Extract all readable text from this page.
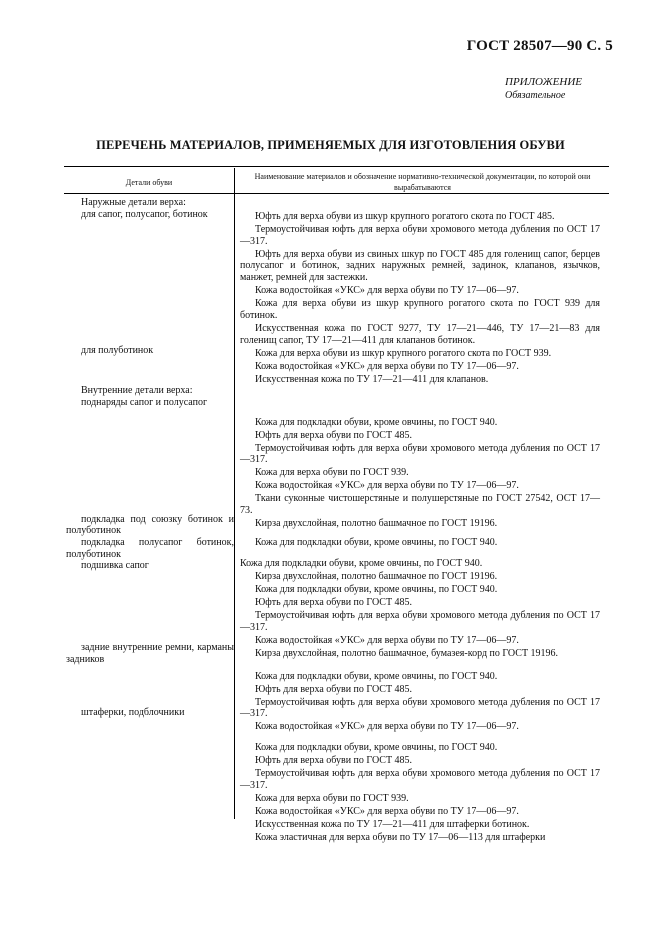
ГОСТ 28507—90 С. 5
ПРИЛОЖЕНИЕ
Обязательное
ПЕРЕЧЕНЬ МАТЕРИАЛОВ, ПРИМЕНЯЕМЫХ ДЛЯ ИЗГОТОВЛЕНИЯ ОБУВИ
Детали обуви
Наименование материалов и обозначение нормативно-технической документации, по которой они вырабатываются
Наружные детали верха:
для сапог, полусапог, ботинок
для полуботинок
Внутренние детали верха:
поднаряды сапог и полусапог
подкладка под союзку ботинок и полуботинок
подкладка полусапог ботинок, полуботинок
подшивка сапог
задние внутренние ремни, карманы задников
штаферки, подблочники

Юфть для верха обуви из шкур крупного рогатого скота по ГОСТ 485.

Термоустойчивая юфть для верха обуви хромового метода дубления по ОСТ 17—317.

Юфть для верха обуви из свиных шкур по ГОСТ 485 для голенищ сапог, берцев полусапог и ботинок, задних наружных ремней, задинок, клапанов, язычков, манжет, ремней для застежки.

Кожа водостойкая «УКС» для верха обуви по ТУ 17—06—97.

Кожа для верха обуви из шкур крупного рогатого скота по ГОСТ 939 для ботинок.

Искусственная кожа по ГОСТ 9277, ТУ 17—21—446, ТУ 17—21—83 для голенищ сапог, ТУ 17—21—411 для клапанов ботинок.

Кожа для верха обуви из шкур крупного рогатого скота по ГОСТ 939.

Кожа водостойкая «УКС» для верха обуви по ТУ 17—06—97.

Искусственная кожа по ТУ 17—21—411 для клапанов.

Кожа для подкладки обуви, кроме овчины, по ГОСТ 940.

Юфть для верха обуви по ГОСТ 485.

Термоустойчивая юфть для верха обуви хромового метода дубления по ОСТ 17—317.

Кожа для верха обуви по ГОСТ 939.

Кожа водостойкая «УКС» для верха обуви по ТУ 17—06—97.

Ткани суконные чистошерстяные и полушерстяные по ГОСТ 27542, ОСТ 17—73.

Кирза двухслойная, полотно башмачное по ГОСТ 19196.

Кожа для подкладки обуви, кроме овчины, по ГОСТ 940.

Кожа для подкладки обуви, кроме овчины, по ГОСТ 940.

Кирза двухслойная, полотно башмачное по ГОСТ 19196.

Кожа для подкладки обуви, кроме овчины, по ГОСТ 940.

Юфть для верха обуви по ГОСТ 485.

Термоустойчивая юфть для верха обуви хромового метода дубления по ОСТ 17—317.

Кожа водостойкая «УКС» для верха обуви по ТУ 17—06—97.

Кирза двухслойная, полотно башмачное, бумазея-корд по ГОСТ 19196.

Кожа для подкладки обуви, кроме овчины, по ГОСТ 940.

Юфть для верха обуви по ГОСТ 485.

Термоустойчивая юфть для верха обуви хромового метода дубления по ОСТ 17—317.

Кожа водостойкая «УКС» для верха обуви по ТУ 17—06—97.

Кожа для подкладки обуви, кроме овчины, по ГОСТ 940.

Юфть для верха обуви по ГОСТ 485.

Термоустойчивая юфть для верха обуви хромового метода дубления по ОСТ 17—317.

Кожа для верха обуви по ГОСТ 939.

Кожа водостойкая «УКС» для верха обуви по ТУ 17—06—97.

Искусственная кожа по ТУ 17—21—411 для штаферки ботинок.

Кожа эластичная для верха обуви по ТУ 17—06—113 для штаферки
